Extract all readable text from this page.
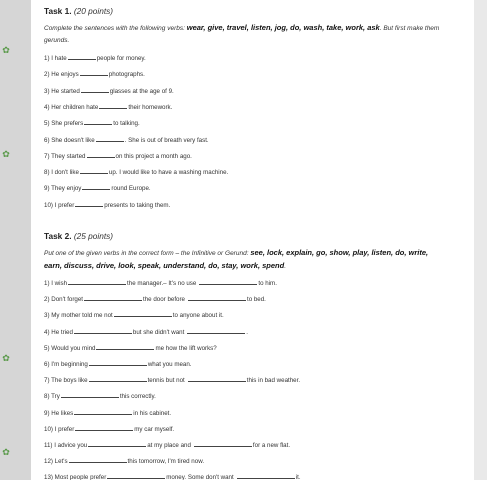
✿
✿
✿
✿
Task 1. (20 points)
Complete the sentences with the following verbs: wear, give, travel, listen, jog, do, wash, take, work, ask. But first make them gerunds.
1) I hate	people for money.
2) He enjoys	photographs.
3) He started	glasses at the age of 9.
4) Her children hate	their homework.
5) She prefers	to talking.
6) She doesn't like	. She is out of breath very fast.
7) They started	on this project a month ago.
8) I don't like	up. I would like to have a washing machine.
9) They enjoy	round Europe.
10) I prefer	presents to taking them.
Task 2. (25 points)
Put one of the given verbs in the correct form – the Infinitive or Gerund: see, lock, explain, go, show, play, listen, do, write, earn, discuss, drive, look, speak, understand, do, stay, work, spend.
1) I wish	the manager.– It's no use	to him.
2) Don't forget	the door before	to bed.
3) My mother told me not	to anyone about it.
4) He tried	but she didn't want	.
5) Would you mind	me how the lift works?
6) I'm beginning	what you mean.
7) The boys like	tennis but not	this in bad weather.
8) Try	this correctly.
9) He likes	in his cabinet.
10) I prefer	my car myself.
11) I advice you	at my place and	for a new flat.
12) Let's	this tomorrow, I'm tired now.
13) Most people prefer	money. Some don't want	it.
